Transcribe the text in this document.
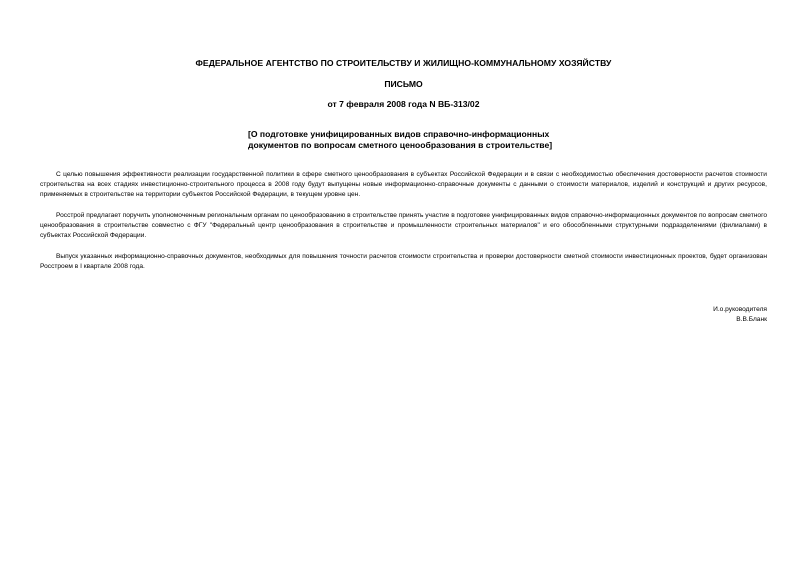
ФЕДЕРАЛЬНОЕ АГЕНТСТВО ПО СТРОИТЕЛЬСТВУ И ЖИЛИЩНО-КОММУНАЛЬНОМУ ХОЗЯЙСТВУ
ПИСЬМО
от 7 февраля 2008 года N ВБ-313/02
[О подготовке унифицированных видов справочно-информационных
документов по вопросам сметного ценообразования в строительстве]

С целью повышения эффективности реализации государственной политики в сфере сметного ценообразования в субъектах Российской Федерации и в связи с необходимостью обеспечения достоверности расчетов стоимости строительства на всех стадиях инвестиционно-строительного процесса в 2008 году будут выпущены новые информационно-справочные документы с данными о стоимости материалов, изделий и конструкций и других ресурсов, применяемых в строительстве на территории субъектов Российской Федерации, в текущем уровне цен.

Росстрой предлагает поручить уполномоченным региональным органам по ценообразованию в строительстве принять участие в подготовке унифицированных видов справочно-информационных документов по вопросам сметного ценообразования в строительстве совместно с ФГУ "Федеральный центр ценообразования в строительстве и промышленности строительных материалов" и его обособленными структурными подразделениями (филиалами) в субъектах Российской Федерации.

Выпуск указанных информационно-справочных документов, необходимых для повышения точности расчетов стоимости строительства и проверки достоверности сметной стоимости инвестиционных проектов, будет организован Росстроем в I квартале 2008 года.

И.о.руководителя
В.В.Бланк
